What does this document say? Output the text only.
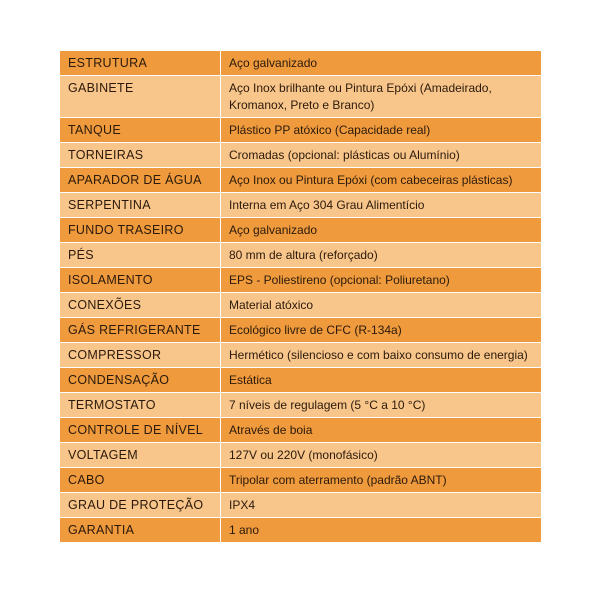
ESTRUTURA	Aço galvanizado
GABINETE	Aço Inox brilhante ou Pintura Epóxi (Amadeirado, Kromanox, Preto e Branco)
TANQUE	Plástico PP atóxico (Capacidade real)
TORNEIRAS	Cromadas (opcional: plásticas ou Alumínio)
APARADOR DE ÁGUA	Aço Inox ou Pintura Epóxi (com cabeceiras plásticas)
SERPENTINA	Interna em Aço 304 Grau Alimentício
FUNDO TRASEIRO	Aço galvanizado
PÉS	80 mm de altura (reforçado)
ISOLAMENTO	EPS - Poliestireno (opcional: Poliuretano)
CONEXÕES	Material atóxico
GÁS REFRIGERANTE	Ecológico livre de CFC (R-134a)
COMPRESSOR	Hermético (silencioso e com baixo consumo de energia)
CONDENSAÇÃO	Estática
TERMOSTATO	7 níveis de regulagem (5 °C a 10 °C)
CONTROLE DE NÍVEL	Através de boia
VOLTAGEM	127V ou 220V (monofásico)
CABO	Tripolar com aterramento (padrão ABNT)
GRAU DE PROTEÇÃO	IPX4
GARANTIA	1 ano
